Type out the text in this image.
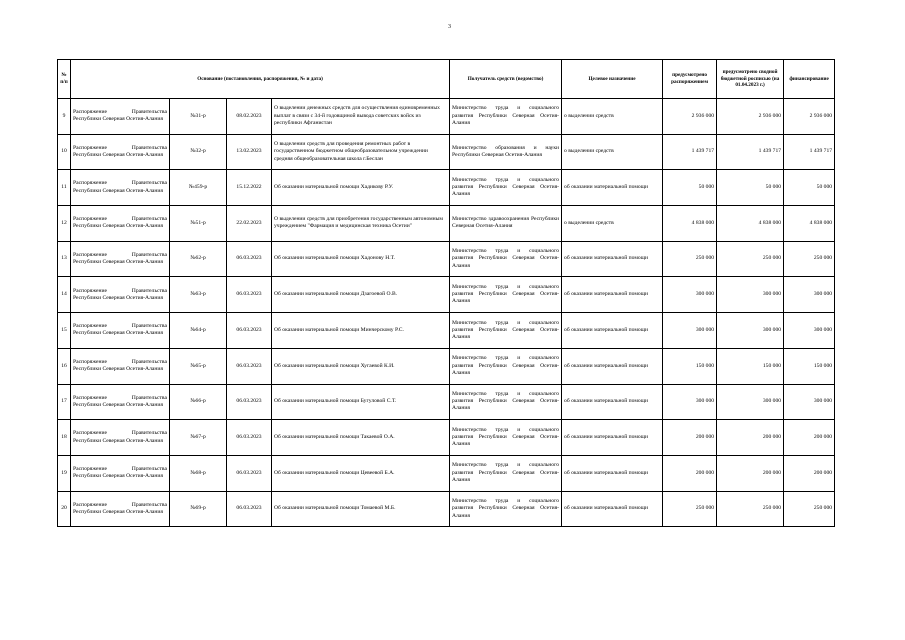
3
№ п/п	Основание (постановления, распоряжения, № и дата)				Получатель средств (ведомство)	Целевое назначение	предусмотрено распоряжением	предусмотрено сводной бюджетной росписью (на 01.04.2023 г.)	финансирование
9	Распоряжение Правительства Республики Северная Осетия-Алания	№31-р	08.02.2023	О выделении денежных средств для осуществления единовременных выплат в связи с 34-й годовщиной вывода советских войск из республики Афганистан	Министерство труда и социального развития Республики Северная Осетия-Алания	о выделении средств	2 936 000	2 936 000	2 936 000
10	Распоряжение Правительства Республики Северная Осетия-Алания	№32-р	13.02.2023	О выделении средств для проведения ремонтных работ в государственном бюджетном общеобразовательном учреждении средняя общеобразовательная школа г.Беслан	Министерство образования и науки Республики Северная Осетия-Алания	о выделении средств	1 439 717	1 439 717	1 439 717
11	Распоряжение Правительства Республики Северная Осетия-Алания	№459-р	15.12.2022	Об оказании материальной помощи Хадикову Р.У.	Министерство труда и социального развития Республики Северная Осетия-Алания	об оказании материальной помощи	50 000	50 000	50 000
12	Распоряжение Правительства Республики Северная Осетия-Алания	№51-р	22.02.2023	О выделении средств для приобретения государственным автономным учреждением "Фармация и медицинская техника Осетии"	Министерство здравоохранения Республики Северная Осетия-Алания	о выделении средств	4 838 000	4 838 000	4 838 000
13	Распоряжение Правительства Республики Северная Осетия-Алания	№62-р	06.03.2023	Об оказании материальной помощи Хадонову Н.Т.	Министерство труда и социального развития Республики Северная Осетия-Алания	об оказании материальной помощи	250 000	250 000	250 000
14	Распоряжение Правительства Республики Северная Осетия-Алания	№63-р	06.03.2023	Об оказании материальной помощи Дзагоевой О.В.	Министерство труда и социального развития Республики Северная Осетия-Алания	об оказании материальной помощи	300 000	300 000	300 000
15	Распоряжение Правительства Республики Северная Осетия-Алания	№64-р	06.03.2023	Об оказании материальной помощи Минчерскому Р.С.	Министерство труда и социального развития Республики Северная Осетия-Алания	об оказании материальной помощи	300 000	300 000	300 000
16	Распоряжение Правительства Республики Северная Осетия-Алания	№65-р	06.03.2023	Об оказании материальной помощи Хугаевой К.И.	Министерство труда и социального развития Республики Северная Осетия-Алания	об оказании материальной помощи	150 000	150 000	150 000
17	Распоряжение Правительства Республики Северная Осетия-Алания	№66-р	06.03.2023	Об оказании материальной помощи Бугуловой С.Т.	Министерство труда и социального развития Республики Северная Осетия-Алания	об оказании материальной помощи	300 000	300 000	300 000
18	Распоряжение Правительства Республики Северная Осетия-Алания	№67-р	06.03.2023	Об оказании материальной помощи Такаевой О.А.	Министерство труда и социального развития Республики Северная Осетия-Алания	об оказании материальной помощи	200 000	200 000	200 000
19	Распоряжение Правительства Республики Северная Осетия-Алания	№68-р	06.03.2023	Об оказании материальной помощи Цевеевой Б.А.	Министерство труда и социального развития Республики Северная Осетия-Алания	об оказании материальной помощи	200 000	200 000	200 000
20	Распоряжение Правительства Республики Северная Осетия-Алания	№69-р	06.03.2023	Об оказании материальной помощи Томаевой М.Б.	Министерство труда и социального развития Республики Северная Осетия-Алания	об оказании материальной помощи	250 000	250 000	250 000
